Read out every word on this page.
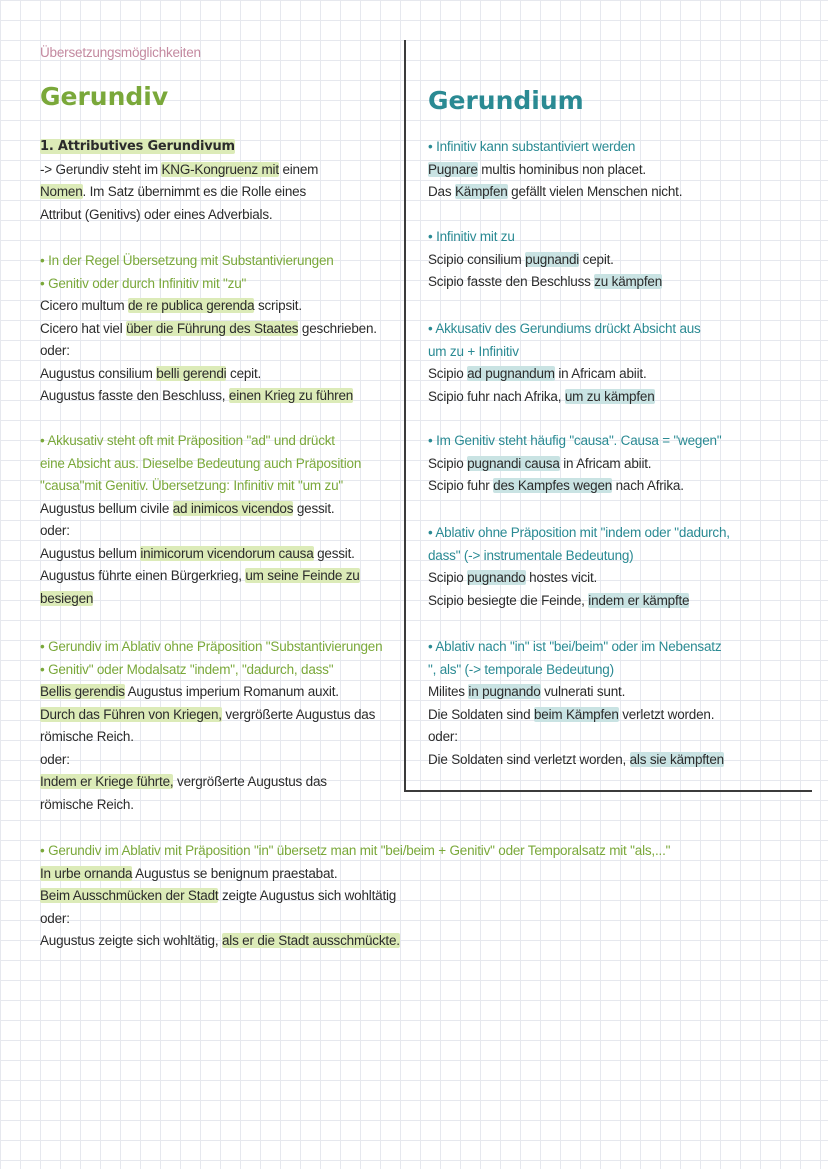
Übersetzungsmöglichkeiten
Gerundiv
1. Attributives Gerundivum
-> Gerundiv steht im KNG-Kongruenz mit einem
Nomen. Im Satz übernimmt es die Rolle eines
Attribut (Genitivs) oder eines Adverbials.
• In der Regel Übersetzung mit Substantivierungen
• Genitiv oder durch Infinitiv mit "zu"
Cicero multum de re publica gerenda scripsit.
Cicero hat viel über die Führung des Staates geschrieben.
oder:
Augustus consilium belli gerendi cepit.
Augustus fasste den Beschluss, einen Krieg zu führen
• Akkusativ steht oft mit Präposition "ad" und drückt
eine Absicht aus. Dieselbe Bedeutung auch Präposition
"causa"mit Genitiv. Übersetzung: Infinitiv mit "um zu"
Augustus bellum civile ad inimicos vicendos gessit.
oder:
Augustus bellum inimicorum vicendorum causa gessit.
Augustus führte einen Bürgerkrieg, um seine Feinde zu
besiegen
• Gerundiv im Ablativ ohne Präposition "Substantivierungen
• Genitiv" oder Modalsatz "indem", "dadurch, dass"
Bellis gerendis Augustus imperium Romanum auxit.
Durch das Führen von Kriegen, vergrößerte Augustus das
römische Reich.
oder:
Indem er Kriege führte, vergrößerte Augustus das
römische Reich.
Gerundium
• Infinitiv kann substantiviert werden
Pugnare multis hominibus non placet.
Das Kämpfen gefällt vielen Menschen nicht.
• Infinitiv mit zu
Scipio consilium pugnandi cepit.
Scipio fasste den Beschluss zu kämpfen
• Akkusativ des Gerundiums drückt Absicht aus
um zu + Infinitiv
Scipio ad pugnandum in Africam abiit.
Scipio fuhr nach Afrika, um zu kämpfen
• Im Genitiv steht häufig "causa". Causa = "wegen"
Scipio pugnandi causa in Africam abiit.
Scipio fuhr des Kampfes wegen nach Afrika.
• Ablativ ohne Präposition mit "indem oder "dadurch,
dass" (-> instrumentale Bedeutung)
Scipio pugnando hostes vicit.
Scipio besiegte die Feinde, indem er kämpfte
• Ablativ nach "in" ist "bei/beim" oder im Nebensatz
", als" (-> temporale Bedeutung)
Milites in pugnando vulnerati sunt.
Die Soldaten sind beim Kämpfen verletzt worden.
oder:
Die Soldaten sind verletzt worden, als sie kämpften
• Gerundiv im Ablativ mit Präposition "in" übersetz man mit "bei/beim + Genitiv" oder Temporalsatz mit "als,..."
In urbe ornanda Augustus se benignum praestabat.
Beim Ausschmücken der Stadt zeigte Augustus sich wohltätig
oder:
Augustus zeigte sich wohltätig, als er die Stadt ausschmückte.
